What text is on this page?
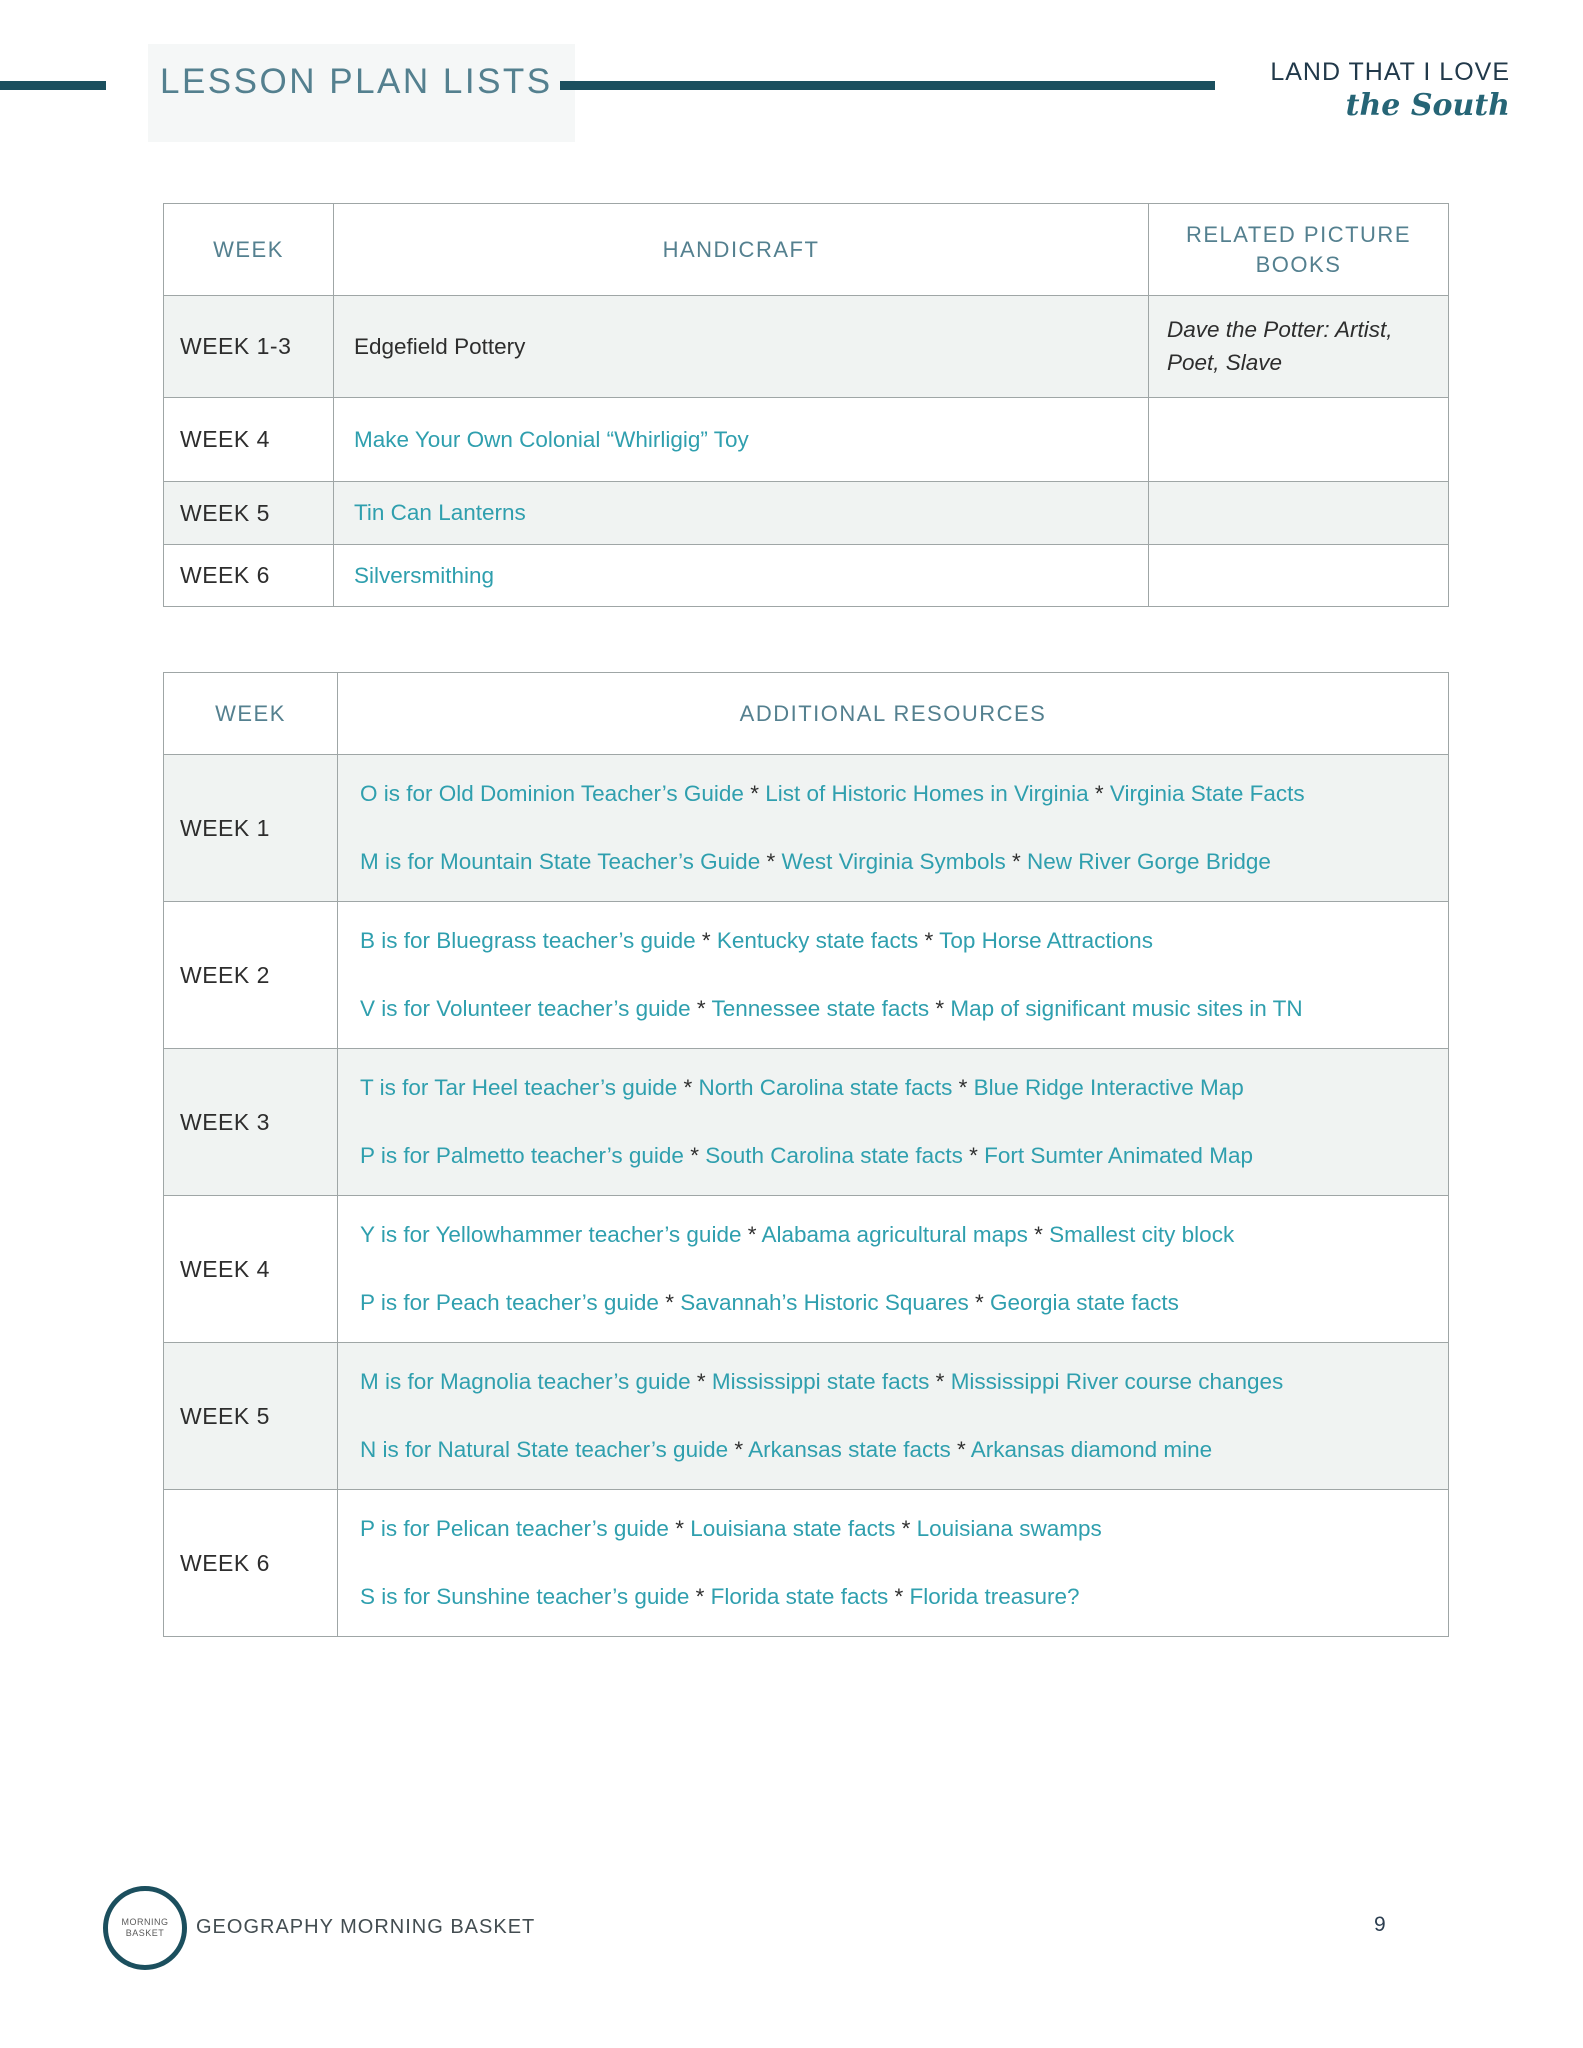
LESSON PLAN LISTS	LAND THAT I LOVE
the South
WEEK	HANDICRAFT	RELATED PICTURE BOOKS
WEEK 1-3	Edgefield Pottery	Dave the Potter: Artist, Poet, Slave
WEEK 4	Make Your Own Colonial “Whirligig” Toy	
WEEK 5	Tin Can Lanterns	
WEEK 6	Silversmithing	
WEEK	ADDITIONAL RESOURCES
WEEK 1	O is for Old Dominion Teacher’s Guide * List of Historic Homes in Virginia * Virginia State Facts

M is for Mountain State Teacher’s Guide * West Virginia Symbols * New River Gorge Bridge

WEEK 2	B is for Bluegrass teacher’s guide * Kentucky state facts * Top Horse Attractions

V is for Volunteer teacher’s guide * Tennessee state facts * Map of significant music sites in TN

WEEK 3	T is for Tar Heel teacher’s guide * North Carolina state facts * Blue Ridge Interactive Map

P is for Palmetto teacher’s guide * South Carolina state facts * Fort Sumter Animated Map

WEEK 4	Y is for Yellowhammer teacher’s guide * Alabama agricultural maps * Smallest city block

P is for Peach teacher’s guide * Savannah’s Historic Squares * Georgia state facts

WEEK 5	M is for Magnolia teacher’s guide * Mississippi state facts * Mississippi River course changes

N is for Natural State teacher’s guide * Arkansas state facts * Arkansas diamond mine

WEEK 6	P is for Pelican teacher’s guide * Louisiana state facts * Louisiana swamps

S is for Sunshine teacher’s guide * Florida state facts * Florida treasure?

MORNING BASKET	GEOGRAPHY MORNING BASKET	9
